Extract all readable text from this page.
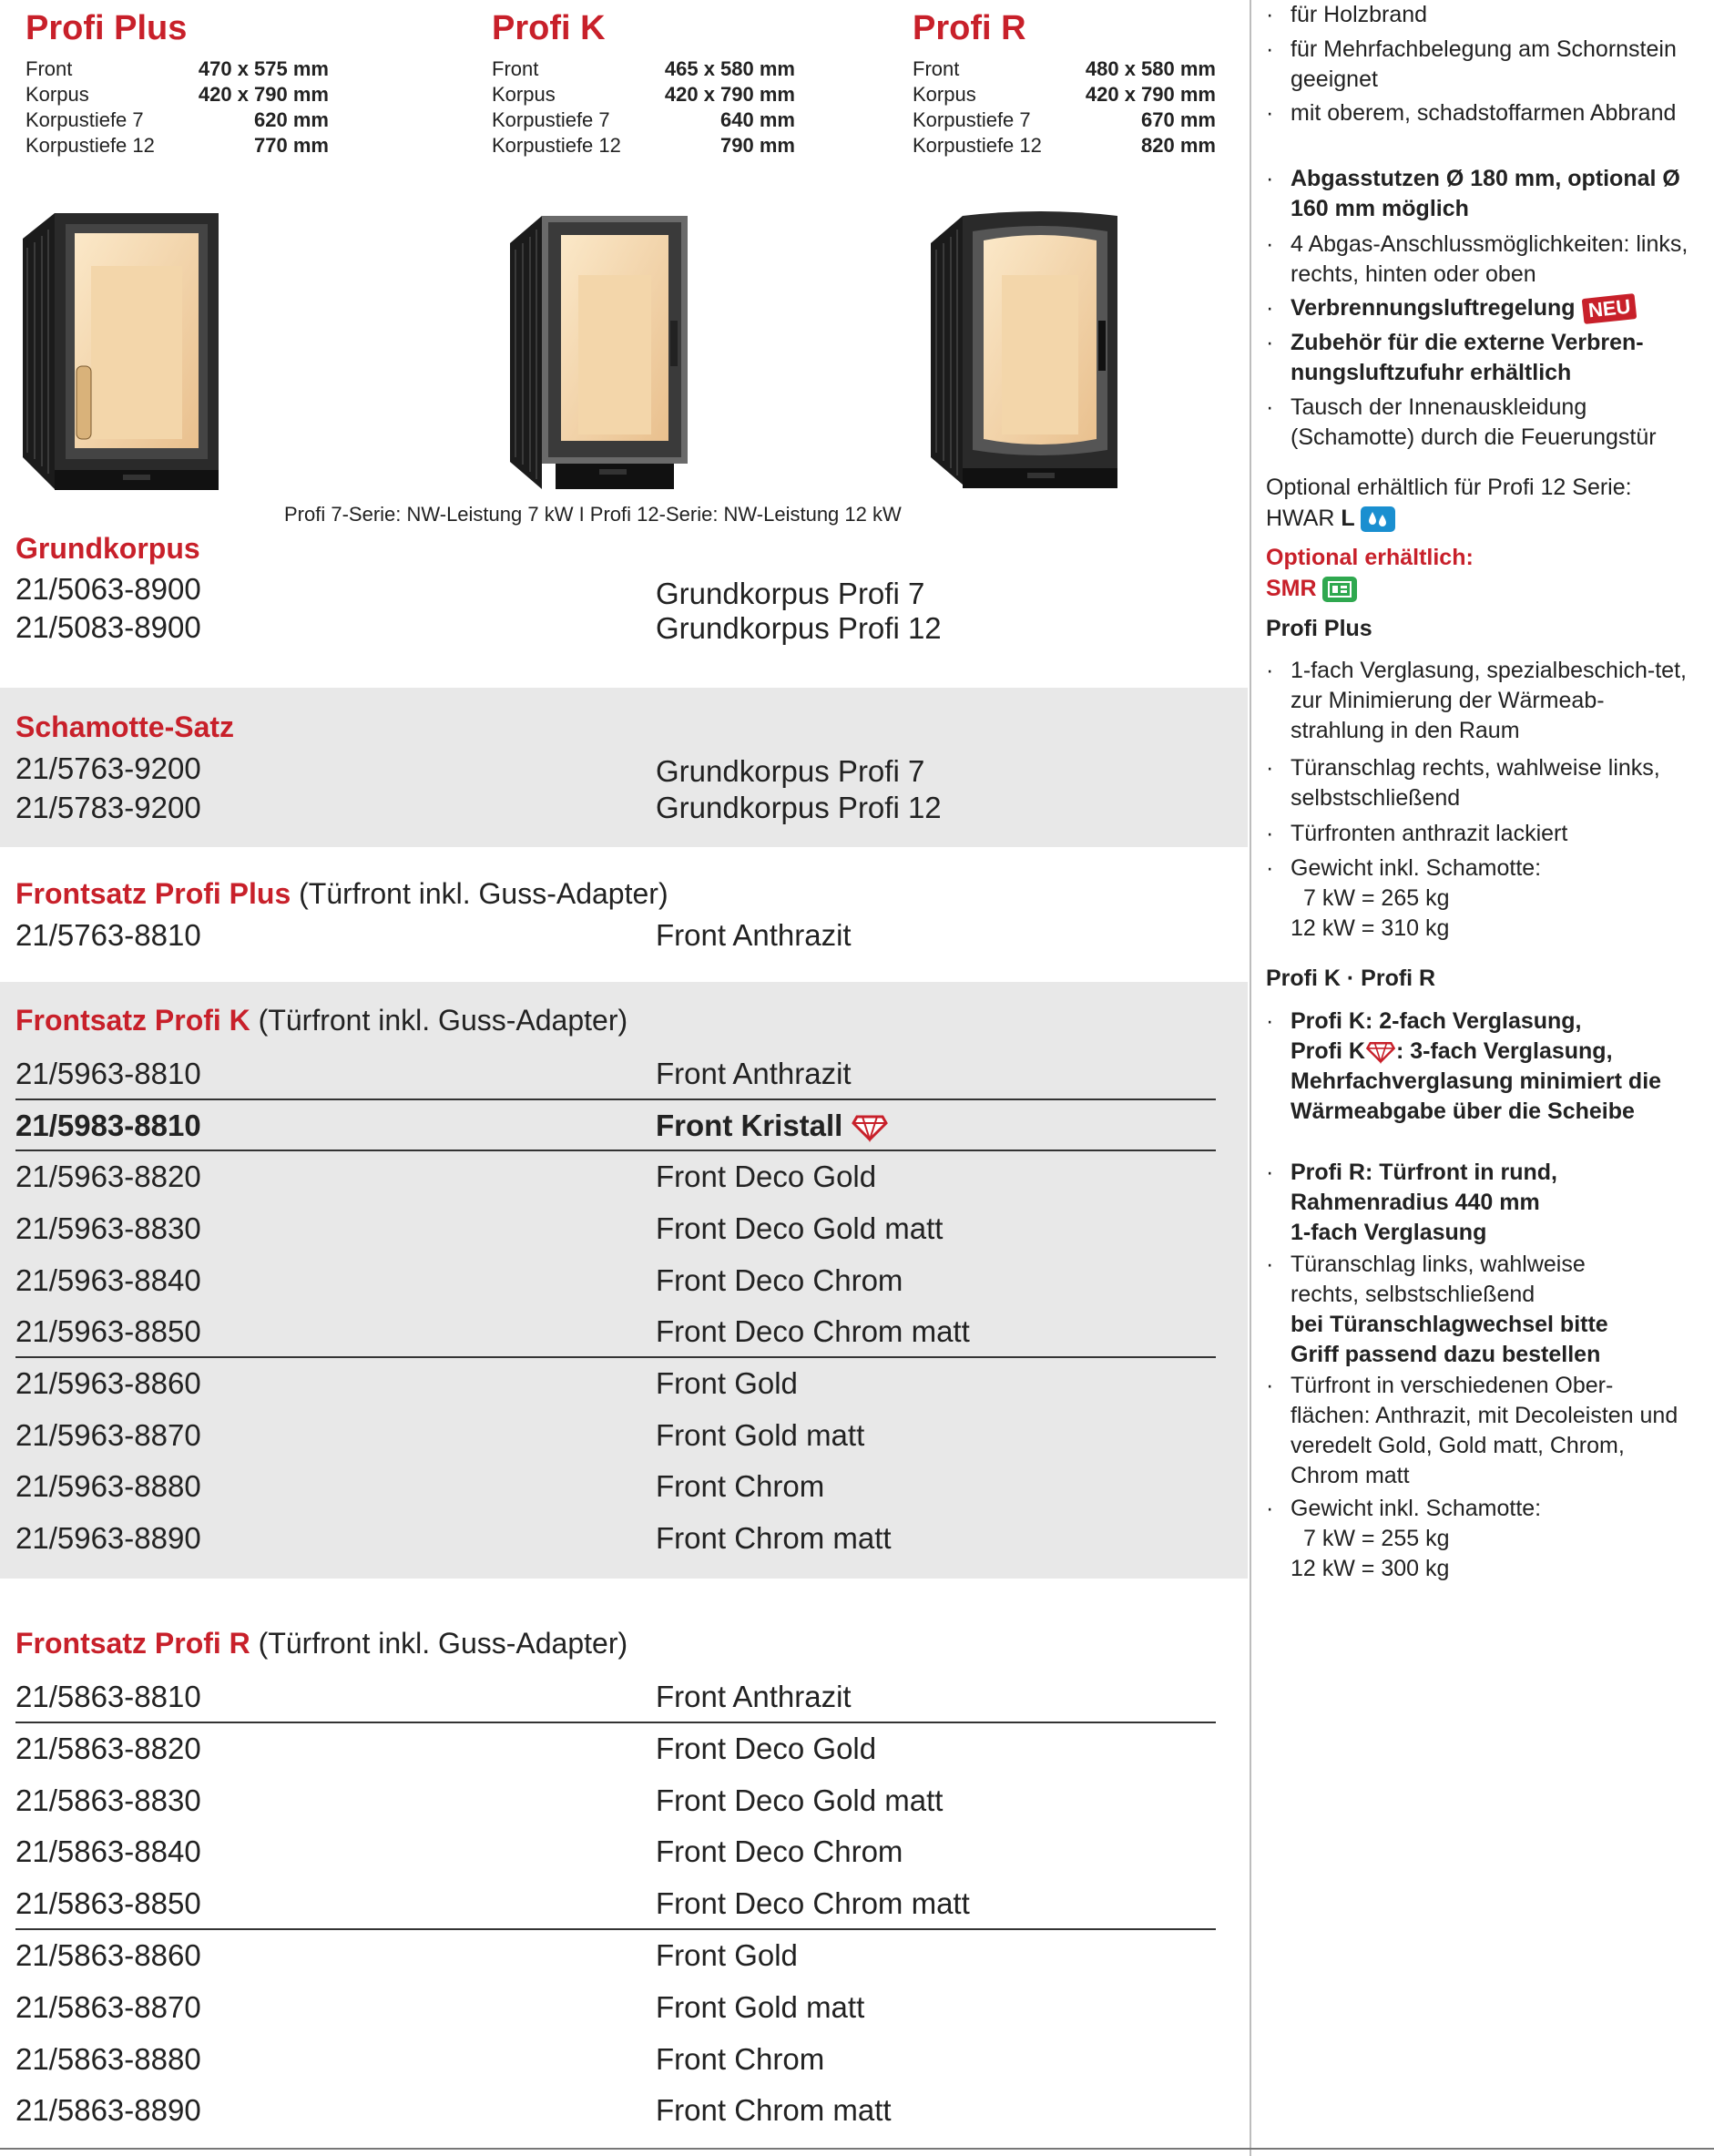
Profi Plus
Front	470 x 575 mm
Korpus	420 x 790 mm
Korpustiefe 7	620 mm
Korpustiefe 12	770 mm
Profi K
Front	465 x 580 mm
Korpus	420 x 790 mm
Korpustiefe 7	640 mm
Korpustiefe 12	790 mm
Profi R
Front	480 x 580 mm
Korpus	420 x 790 mm
Korpustiefe 7	670 mm
Korpustiefe 12	820 mm
Profi 7-Serie: NW-Leistung 7 kW I Profi 12-Serie: NW-Leistung 12 kW
Grundkorpus
21/5063-8900	Grundkorpus Profi 7
21/5083-8900	Grundkorpus Profi 12
Schamotte-Satz
21/5763-9200	Grundkorpus Profi 7
21/5783-9200	Grundkorpus Profi 12
Frontsatz Profi Plus (Türfront inkl. Guss-Adapter)
21/5763-8810	Front Anthrazit
Frontsatz Profi K (Türfront inkl. Guss-Adapter)
21/5963-8810	Front Anthrazit
21/5983-8810	Front Kristall
21/5963-8820	Front Deco Gold
21/5963-8830	Front Deco Gold matt
21/5963-8840	Front Deco Chrom
21/5963-8850	Front Deco Chrom matt
21/5963-8860	Front Gold
21/5963-8870	Front Gold matt
21/5963-8880	Front Chrom
21/5963-8890	Front Chrom matt
Frontsatz Profi R (Türfront inkl. Guss-Adapter)
21/5863-8810	Front Anthrazit
21/5863-8820	Front Deco Gold
21/5863-8830	Front Deco Gold matt
21/5863-8840	Front Deco Chrom
21/5863-8850	Front Deco Chrom matt
21/5863-8860	Front Gold
21/5863-8870	Front Gold matt
21/5863-8880	Front Chrom
21/5863-8890	Front Chrom matt
· für Holzbrand
· für Mehrfachbelegung am Schornstein geeignet
· mit oberem, schadstoffarmen Abbrand
· Abgasstutzen Ø 180 mm, optional Ø 160 mm möglich
· 4 Abgas-Anschlussmöglichkeiten: links, rechts, hinten oder oben
· Verbrennungsluftregelung NEU
· Zubehör für die externe Verbren-nungsluftzufuhr erhältlich
· Tausch der Innenauskleidung (Schamotte) durch die Feuerungstür
Optional erhältlich für Profi 12 Serie:
HWAR L
Optional erhältlich:
SMR
Profi Plus
· 1-fach Verglasung, spezialbeschich-tet, zur Minimierung der Wärmeab-strahlung in den Raum
· Türanschlag rechts, wahlweise links, selbstschließend
· Türfronten anthrazit lackiert
· Gewicht inkl. Schamotte:
7 kW = 265 kg
12 kW = 310 kg
Profi K · Profi R
· Profi K: 2-fach Verglasung,
Profi K : 3-fach Verglasung,
Mehrfachverglasung minimiert die Wärmeabgabe über die Scheibe
· Profi R: Türfront in rund, Rahmenradius 440 mm 1-fach Verglasung
· Türanschlag links, wahlweise rechts, selbstschließend
bei Türanschlagwechsel bitte Griff passend dazu bestellen
· Türfront in verschiedenen Ober-flächen: Anthrazit, mit Decoleisten und veredelt Gold, Gold matt, Chrom, Chrom matt
· Gewicht inkl. Schamotte:
7 kW = 255 kg
12 kW = 300 kg
